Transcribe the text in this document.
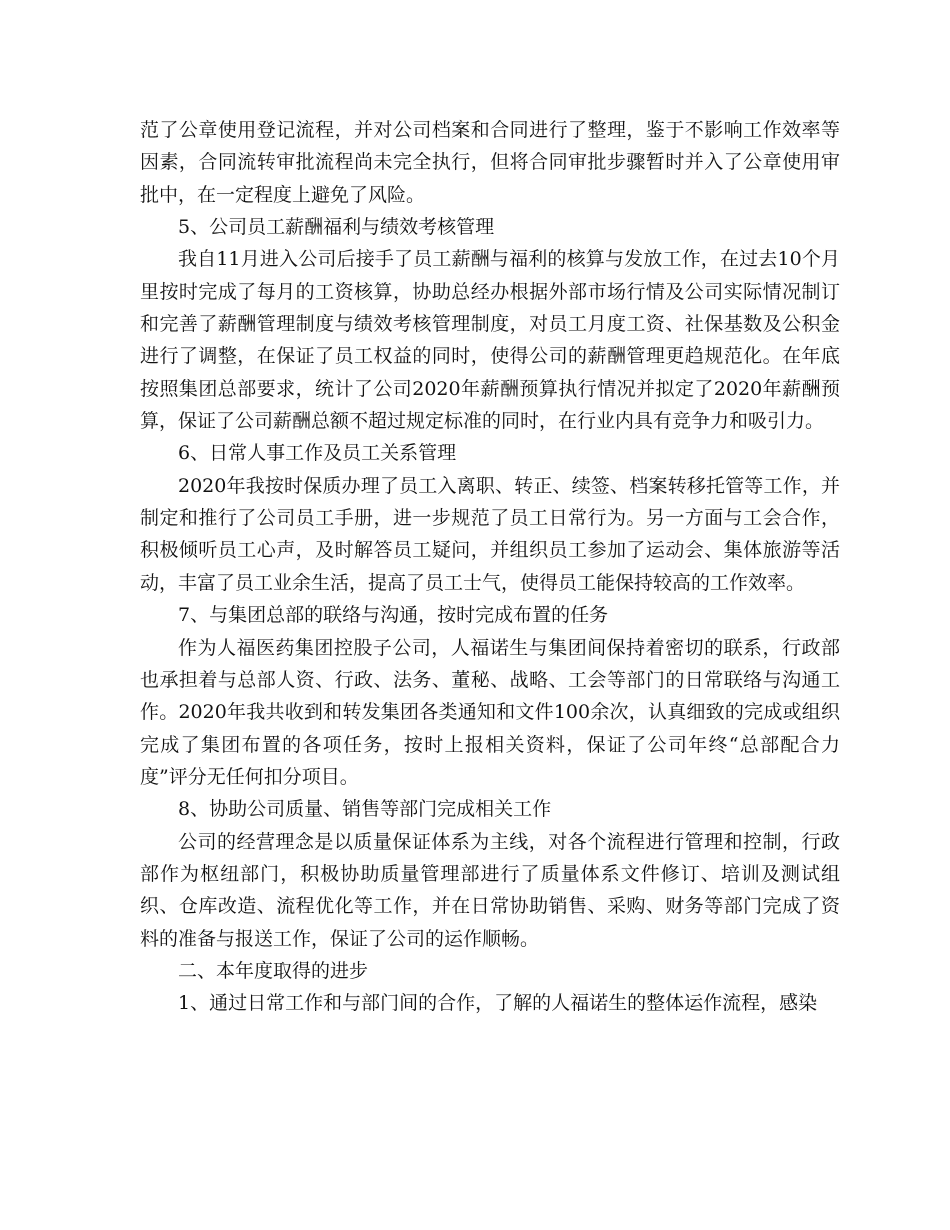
范了公章使用登记流程，并对公司档案和合同进行了整理，鉴于不影响工作效率等因素，合同流转审批流程尚未完全执行，但将合同审批步骤暂时并入了公章使用审批中，在一定程度上避免了风险。

5、公司员工薪酬福利与绩效考核管理

我自11月进入公司后接手了员工薪酬与福利的核算与发放工作，在过去10个月里按时完成了每月的工资核算，协助总经办根据外部市场行情及公司实际情况制订和完善了薪酬管理制度与绩效考核管理制度，对员工月度工资、社保基数及公积金进行了调整，在保证了员工权益的同时，使得公司的薪酬管理更趋规范化。在年底按照集团总部要求，统计了公司2020年薪酬预算执行情况并拟定了2020年薪酬预算，保证了公司薪酬总额不超过规定标准的同时，在行业内具有竞争力和吸引力。

6、日常人事工作及员工关系管理

2020年我按时保质办理了员工入离职、转正、续签、档案转移托管等工作，并制定和推行了公司员工手册，进一步规范了员工日常行为。另一方面与工会合作，积极倾听员工心声，及时解答员工疑问，并组织员工参加了运动会、集体旅游等活动，丰富了员工业余生活，提高了员工士气，使得员工能保持较高的工作效率。

7、与集团总部的联络与沟通，按时完成布置的任务

作为人福医药集团控股子公司，人福诺生与集团间保持着密切的联系，行政部也承担着与总部人资、行政、法务、董秘、战略、工会等部门的日常联络与沟通工作。2020年我共收到和转发集团各类通知和文件100余次，认真细致的完成或组织完成了集团布置的各项任务，按时上报相关资料，保证了公司年终“总部配合力度”评分无任何扣分项目。

8、协助公司质量、销售等部门完成相关工作

公司的经营理念是以质量保证体系为主线，对各个流程进行管理和控制，行政部作为枢纽部门，积极协助质量管理部进行了质量体系文件修订、培训及测试组织、仓库改造、流程优化等工作，并在日常协助销售、采购、财务等部门完成了资料的准备与报送工作，保证了公司的运作顺畅。

二、本年度取得的进步

1、通过日常工作和与部门间的合作，了解的人福诺生的整体运作流程，感染
